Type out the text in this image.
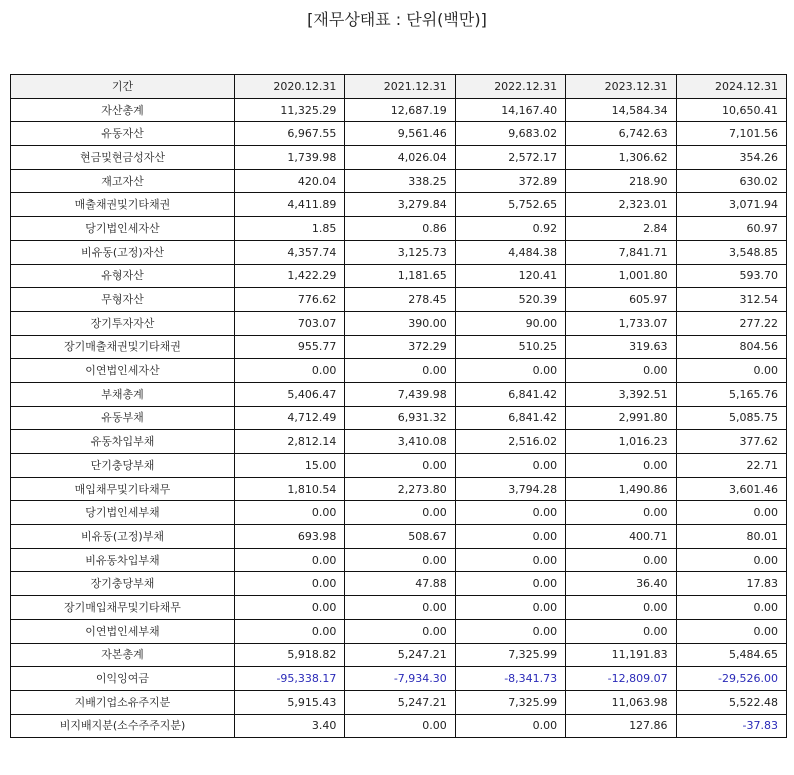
[재무상태표 : 단위(백만)]
기간	2020.12.31	2021.12.31	2022.12.31	2023.12.31	2024.12.31
자산총계	11,325.29	12,687.19	14,167.40	14,584.34	10,650.41
유동자산	6,967.55	9,561.46	9,683.02	6,742.63	7,101.56
현금및현금성자산	1,739.98	4,026.04	2,572.17	1,306.62	354.26
재고자산	420.04	338.25	372.89	218.90	630.02
매출채권및기타채권	4,411.89	3,279.84	5,752.65	2,323.01	3,071.94
당기법인세자산	1.85	0.86	0.92	2.84	60.97
비유동(고정)자산	4,357.74	3,125.73	4,484.38	7,841.71	3,548.85
유형자산	1,422.29	1,181.65	120.41	1,001.80	593.70
무형자산	776.62	278.45	520.39	605.97	312.54
장기투자자산	703.07	390.00	90.00	1,733.07	277.22
장기매출채권및기타채권	955.77	372.29	510.25	319.63	804.56
이연법인세자산	0.00	0.00	0.00	0.00	0.00
부채총계	5,406.47	7,439.98	6,841.42	3,392.51	5,165.76
유동부채	4,712.49	6,931.32	6,841.42	2,991.80	5,085.75
유동차입부채	2,812.14	3,410.08	2,516.02	1,016.23	377.62
단기충당부채	15.00	0.00	0.00	0.00	22.71
매입채무및기타채무	1,810.54	2,273.80	3,794.28	1,490.86	3,601.46
당기법인세부채	0.00	0.00	0.00	0.00	0.00
비유동(고정)부채	693.98	508.67	0.00	400.71	80.01
비유동차입부채	0.00	0.00	0.00	0.00	0.00
장기충당부채	0.00	47.88	0.00	36.40	17.83
장기매입채무및기타채무	0.00	0.00	0.00	0.00	0.00
이연법인세부채	0.00	0.00	0.00	0.00	0.00
자본총계	5,918.82	5,247.21	7,325.99	11,191.83	5,484.65
이익잉여금	-95,338.17	-7,934.30	-8,341.73	-12,809.07	-29,526.00
지배기업소유주지분	5,915.43	5,247.21	7,325.99	11,063.98	5,522.48
비지배지분(소수주주지분)	3.40	0.00	0.00	127.86	-37.83
